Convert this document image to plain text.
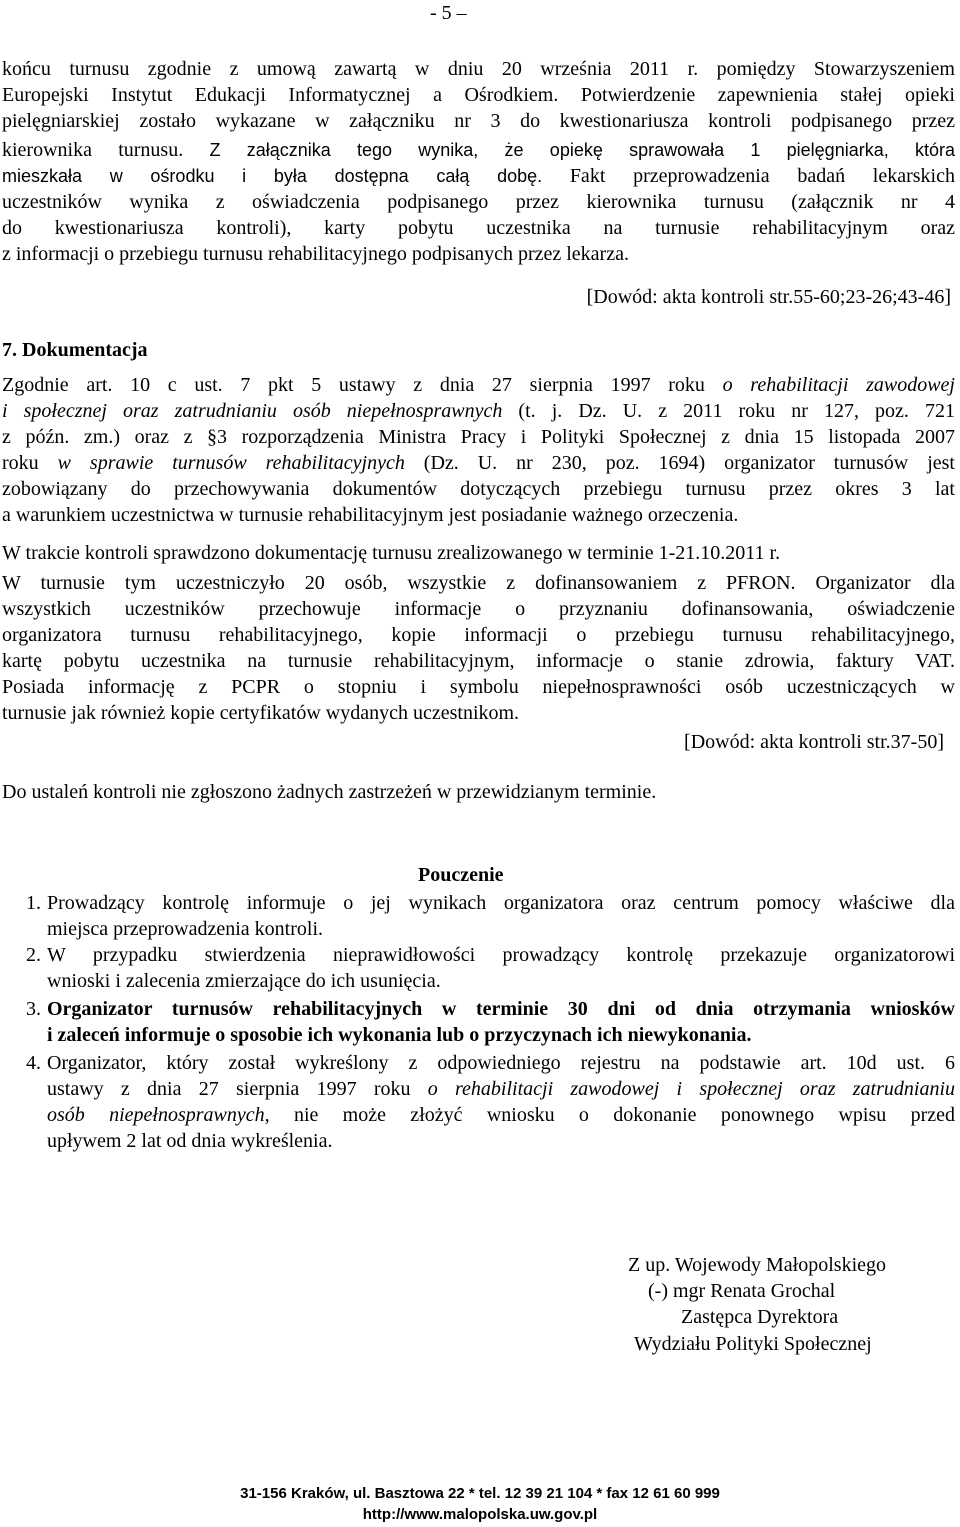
- 5 –
końcu turnusu zgodnie z umową zawartą w dniu 20 września 2011 r. pomiędzy Stowarzyszeniem
Europejski Instytut Edukacji Informatycznej a Ośrodkiem. Potwierdzenie zapewnienia stałej opieki
pielęgniarskiej zostało wykazane w załączniku nr 3 do kwestionariusza kontroli podpisanego przez
kierownika turnusu. Z załącznika tego wynika, że opiekę sprawowała 1 pielęgniarka, która
mieszkała w ośrodku i była dostępna całą dobę. Fakt przeprowadzenia badań lekarskich
uczestników wynika z oświadczenia podpisanego przez kierownika turnusu (załącznik nr 4
do kwestionariusza kontroli), karty pobytu uczestnika na turnusie rehabilitacyjnym oraz
z informacji o przebiegu turnusu rehabilitacyjnego podpisanych przez lekarza.
[Dowód: akta kontroli str.55-60;23-26;43-46]
7. Dokumentacja
Zgodnie art. 10 c ust. 7 pkt 5 ustawy z dnia 27 sierpnia 1997 roku o rehabilitacji zawodowej
i społecznej oraz zatrudnianiu osób niepełnosprawnych (t. j. Dz. U. z 2011 roku nr 127, poz. 721
z późn. zm.) oraz z §3 rozporządzenia Ministra Pracy i Polityki Społecznej z dnia 15 listopada 2007
roku w sprawie turnusów rehabilitacyjnych (Dz. U. nr 230, poz. 1694) organizator turnusów jest
zobowiązany do przechowywania dokumentów dotyczących przebiegu turnusu przez okres 3 lat
a warunkiem uczestnictwa w turnusie rehabilitacyjnym jest posiadanie ważnego orzeczenia.
W trakcie kontroli sprawdzono dokumentację turnusu zrealizowanego w terminie 1-21.10.2011 r.
W turnusie tym uczestniczyło 20 osób, wszystkie z dofinansowaniem z PFRON. Organizator dla
wszystkich uczestników przechowuje informacje o przyznaniu dofinansowania, oświadczenie
organizatora turnusu rehabilitacyjnego, kopie informacji o przebiegu turnusu rehabilitacyjnego,
kartę pobytu uczestnika na turnusie rehabilitacyjnym, informacje o stanie zdrowia, faktury VAT.
Posiada informację z PCPR o stopniu i symbolu niepełnosprawności osób uczestniczących w
turnusie jak również kopie certyfikatów wydanych uczestnikom.
[Dowód: akta kontroli str.37-50]
Do ustaleń kontroli nie zgłoszono żadnych zastrzeżeń w przewidzianym terminie.
Pouczenie
1. Prowadzący kontrolę informuje o jej wynikach organizatora oraz centrum pomocy właściwe dla
miejsca przeprowadzenia kontroli.
2. W przypadku stwierdzenia nieprawidłowości prowadzący kontrolę przekazuje organizatorowi
wnioski i zalecenia zmierzające do ich usunięcia.
3. Organizator turnusów rehabilitacyjnych w terminie 30 dni od dnia otrzymania wniosków
i zaleceń informuje o sposobie ich wykonania lub o przyczynach ich niewykonania.
4. Organizator, który został wykreślony z odpowiedniego rejestru na podstawie art. 10d ust. 6
ustawy z dnia 27 sierpnia 1997 roku o rehabilitacji zawodowej i społecznej oraz zatrudnianiu
osób niepełnosprawnych, nie może złożyć wniosku o dokonanie ponownego wpisu przed
upływem 2 lat od dnia wykreślenia.
Z up. Wojewody Małopolskiego
(-) mgr Renata Grochal
Zastępca Dyrektora
Wydziału Polityki Społecznej
31-156 Kraków, ul. Basztowa 22 * tel. 12 39 21 104 * fax 12 61 60 999
http://www.malopolska.uw.gov.pl
